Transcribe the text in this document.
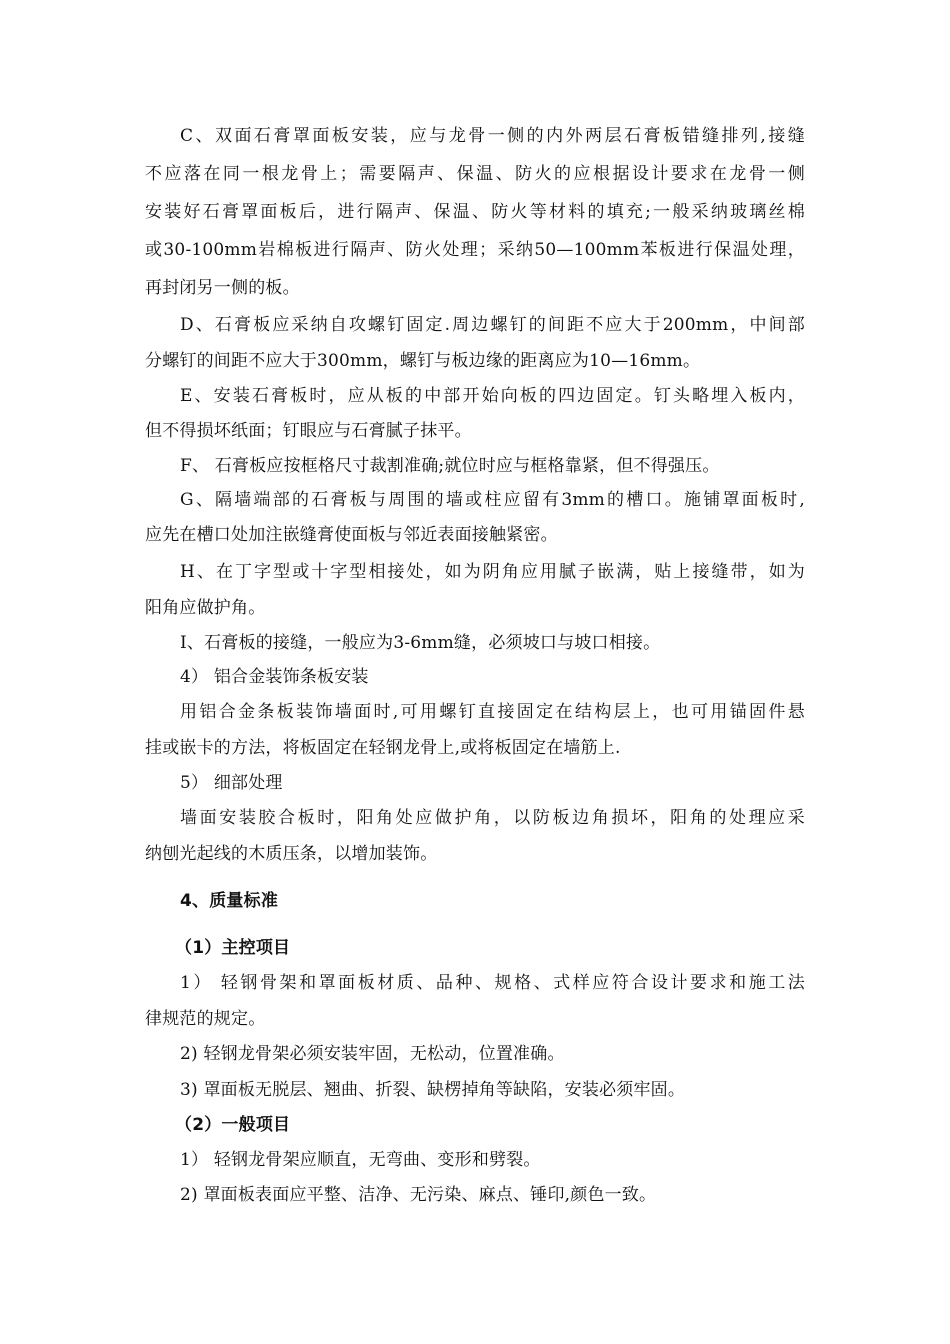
C、双面石膏罩面板安装，应与龙骨一侧的内外两层石膏板错缝排列,接缝
不应落在同一根龙骨上；需要隔声、保温、防火的应根据设计要求在龙骨一侧
安装好石膏罩面板后，进行隔声、保温、防火等材料的填充;一般采纳玻璃丝棉
或30-100mm岩棉板进行隔声、防火处理；采纳50—100mm苯板进行保温处理，
再封闭另一侧的板。
D、石膏板应采纳自攻螺钉固定.周边螺钉的间距不应大于200mm，中间部
分螺钉的间距不应大于300mm，螺钉与板边缘的距离应为10—16mm。
E、安装石膏板时，应从板的中部开始向板的四边固定。钉头略埋入板内，
但不得损坏纸面；钉眼应与石膏腻子抹平。
F、 石膏板应按框格尺寸裁割准确;就位时应与框格靠紧，但不得强压。
G、隔墙端部的石膏板与周围的墙或柱应留有3mm的槽口。施铺罩面板时,
应先在槽口处加注嵌缝膏使面板与邻近表面接触紧密。
H、在丁字型或十字型相接处，如为阴角应用腻子嵌满，贴上接缝带，如为
阳角应做护角。
I、石膏板的接缝，一般应为3-6mm缝，必须坡口与坡口相接。
4） 铝合金装饰条板安装
用铝合金条板装饰墙面时,可用螺钉直接固定在结构层上，也可用锚固件悬
挂或嵌卡的方法，将板固定在轻钢龙骨上,或将板固定在墙筋上.
5） 细部处理
墙面安装胶合板时，阳角处应做护角，以防板边角损坏，阳角的处理应采
纳刨光起线的木质压条，以增加装饰。
4、质量标准
（1）主控项目
1） 轻钢骨架和罩面板材质、品种、规格、式样应符合设计要求和施工法
律规范的规定。
2) 轻钢龙骨架必须安装牢固，无松动，位置准确。
3) 罩面板无脱层、翘曲、折裂、缺楞掉角等缺陷，安装必须牢固。
（2）一般项目
1） 轻钢龙骨架应顺直，无弯曲、变形和劈裂。
2) 罩面板表面应平整、洁净、无污染、麻点、锤印,颜色一致。
